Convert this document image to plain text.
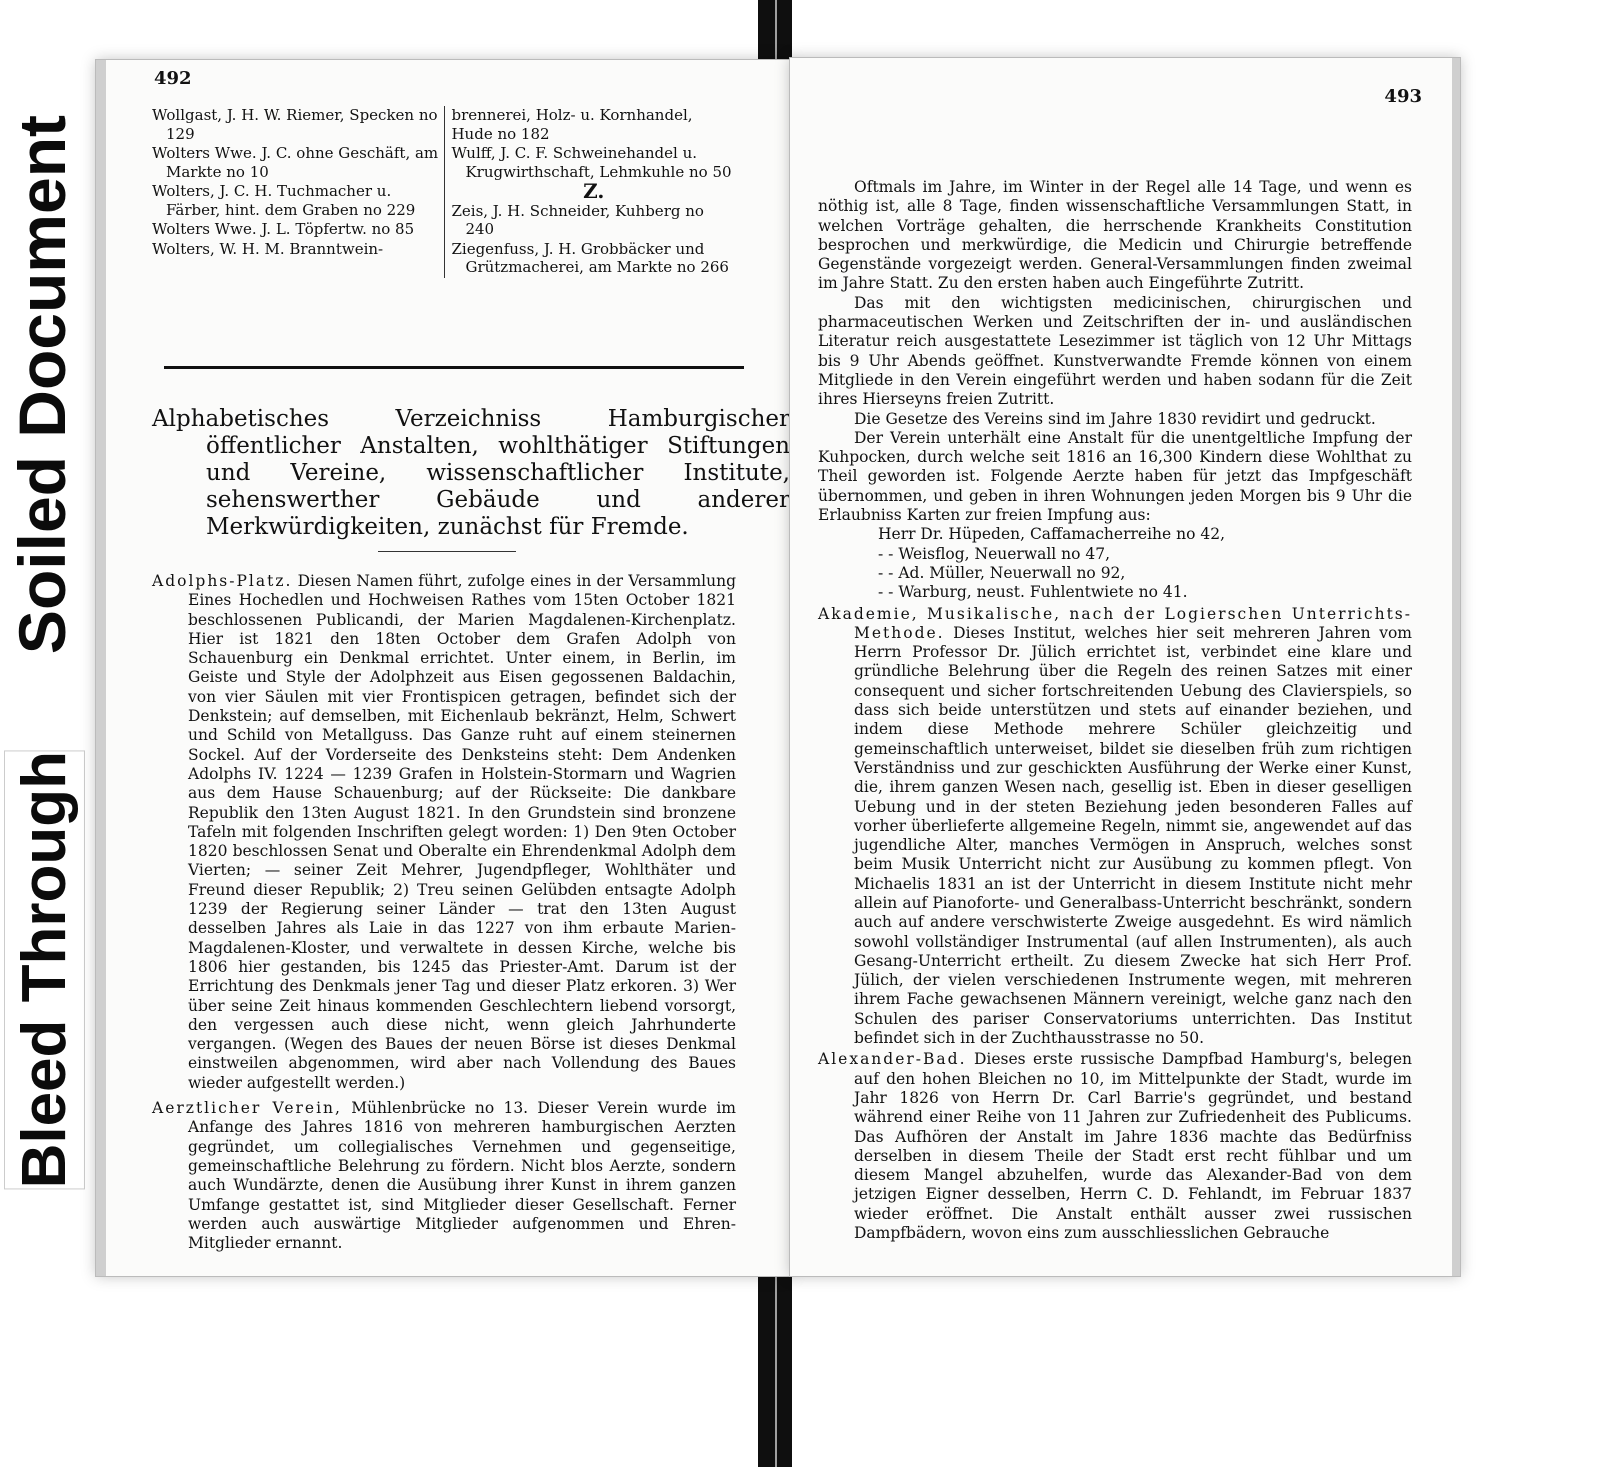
Soiled Document
Bleed Through
492
Wollgast, J. H. W. Riemer, Specken no 129
Wolters Wwe. J. C. ohne Geschäft, am Markte no 10
Wolters, J. C. H. Tuchmacher u. Färber, hint. dem Graben no 229
Wolters Wwe. J. L. Töpfertw. no 85
Wolters, W. H. M. Branntwein-
brennerei, Holz- u. Kornhandel, Hude no 182
Wulff, J. C. F. Schweinehandel u. Krugwirthschaft, Lehmkuhle no 50
Z.
Zeis, J. H. Schneider, Kuhberg no 240
Ziegenfuss, J. H. Grobbäcker und Grützmacherei, am Markte no 266
Alphabetisches Verzeichniss Hamburgischer öffentlicher Anstalten, wohlthätiger Stiftungen und Vereine, wissenschaftlicher Institute, sehenswerther Gebäude und anderer Merkwürdigkeiten, zunächst für Fremde.

Adolphs-Platz. Diesen Namen führt, zufolge eines in der Versammlung Eines Hochedlen und Hochweisen Rathes vom 15ten October 1821 beschlossenen Publicandi, der Marien Magdalenen-Kirchenplatz. Hier ist 1821 den 18ten October dem Grafen Adolph von Schauenburg ein Denkmal errichtet. Unter einem, in Berlin, im Geiste und Style der Adolphzeit aus Eisen gegossenen Baldachin, von vier Säulen mit vier Frontispicen getragen, befindet sich der Denkstein; auf demselben, mit Eichenlaub bekränzt, Helm, Schwert und Schild von Metallguss. Das Ganze ruht auf einem steinernen Sockel. Auf der Vorderseite des Denksteins steht: Dem Andenken Adolphs IV. 1224 — 1239 Grafen in Holstein-Stormarn und Wagrien aus dem Hause Schauenburg; auf der Rückseite: Die dankbare Republik den 13ten August 1821. In den Grundstein sind bronzene Tafeln mit folgenden Inschriften gelegt worden: 1) Den 9ten October 1820 beschlossen Senat und Oberalte ein Ehrendenkmal Adolph dem Vierten; — seiner Zeit Mehrer, Jugendpfleger, Wohlthäter und Freund dieser Republik; 2) Treu seinen Gelübden entsagte Adolph 1239 der Regierung seiner Länder — trat den 13ten August desselben Jahres als Laie in das 1227 von ihm erbaute Marien-Magdalenen-Kloster, und verwaltete in dessen Kirche, welche bis 1806 hier gestanden, bis 1245 das Priester-Amt. Darum ist der Errichtung des Denkmals jener Tag und dieser Platz erkoren. 3) Wer über seine Zeit hinaus kommenden Geschlechtern liebend vorsorgt, den vergessen auch diese nicht, wenn gleich Jahrhunderte vergangen. (Wegen des Baues der neuen Börse ist dieses Denkmal einstweilen abgenommen, wird aber nach Vollendung des Baues wieder aufgestellt werden.)

Aerztlicher Verein, Mühlenbrücke no 13. Dieser Verein wurde im Anfange des Jahres 1816 von mehreren hamburgischen Aerzten gegründet, um collegialisches Vernehmen und gegenseitige, gemeinschaftliche Belehrung zu fördern. Nicht blos Aerzte, sondern auch Wundärzte, denen die Ausübung ihrer Kunst in ihrem ganzen Umfange gestattet ist, sind Mitglieder dieser Gesellschaft. Ferner werden auch auswärtige Mitglieder aufgenommen und Ehren-Mitglieder ernannt.

493

Oftmals im Jahre, im Winter in der Regel alle 14 Tage, und wenn es nöthig ist, alle 8 Tage, finden wissenschaftliche Versammlungen Statt, in welchen Vorträge gehalten, die herrschende Krankheits Constitution besprochen und merkwürdige, die Medicin und Chirurgie betreffende Gegenstände vorgezeigt werden. General-Versammlungen finden zweimal im Jahre Statt. Zu den ersten haben auch Eingeführte Zutritt.

Das mit den wichtigsten medicinischen, chirurgischen und pharmaceutischen Werken und Zeitschriften der in- und ausländischen Literatur reich ausgestattete Lesezimmer ist täglich von 12 Uhr Mittags bis 9 Uhr Abends geöffnet. Kunstverwandte Fremde können von einem Mitgliede in den Verein eingeführt werden und haben sodann für die Zeit ihres Hierseyns freien Zutritt.

Die Gesetze des Vereins sind im Jahre 1830 revidirt und gedruckt.

Der Verein unterhält eine Anstalt für die unentgeltliche Impfung der Kuhpocken, durch welche seit 1816 an 16,300 Kindern diese Wohlthat zu Theil geworden ist. Folgende Aerzte haben für jetzt das Impfgeschäft übernommen, und geben in ihren Wohnungen jeden Morgen bis 9 Uhr die Erlaubniss Karten zur freien Impfung aus:

Herr Dr. Hüpeden, Caffamacherreihe no 42,
- - Weisflog, Neuerwall no 47,
- - Ad. Müller, Neuerwall no 92,
- - Warburg, neust. Fuhlentwiete no 41.

Akademie, Musikalische, nach der Logierschen Unterrichts-Methode. Dieses Institut, welches hier seit mehreren Jahren vom Herrn Professor Dr. Jülich errichtet ist, verbindet eine klare und gründliche Belehrung über die Regeln des reinen Satzes mit einer consequent und sicher fortschreitenden Uebung des Clavierspiels, so dass sich beide unterstützen und stets auf einander beziehen, und indem diese Methode mehrere Schüler gleichzeitig und gemeinschaftlich unterweiset, bildet sie dieselben früh zum richtigen Verständniss und zur geschickten Ausführung der Werke einer Kunst, die, ihrem ganzen Wesen nach, gesellig ist. Eben in dieser geselligen Uebung und in der steten Beziehung jeden besonderen Falles auf vorher überlieferte allgemeine Regeln, nimmt sie, angewendet auf das jugendliche Alter, manches Vermögen in Anspruch, welches sonst beim Musik Unterricht nicht zur Ausübung zu kommen pflegt. Von Michaelis 1831 an ist der Unterricht in diesem Institute nicht mehr allein auf Pianoforte- und Generalbass-Unterricht beschränkt, sondern auch auf andere verschwisterte Zweige ausgedehnt. Es wird nämlich sowohl vollständiger Instrumental (auf allen Instrumenten), als auch Gesang-Unterricht ertheilt. Zu diesem Zwecke hat sich Herr Prof. Jülich, der vielen verschiedenen Instrumente wegen, mit mehreren ihrem Fache gewachsenen Männern vereinigt, welche ganz nach den Schulen des pariser Conservatoriums unterrichten. Das Institut befindet sich in der Zuchthausstrasse no 50.

Alexander-Bad. Dieses erste russische Dampfbad Hamburg's, belegen auf den hohen Bleichen no 10, im Mittelpunkte der Stadt, wurde im Jahr 1826 von Herrn Dr. Carl Barrie's gegründet, und bestand während einer Reihe von 11 Jahren zur Zufriedenheit des Publicums. Das Aufhören der Anstalt im Jahre 1836 machte das Bedürfniss derselben in diesem Theile der Stadt erst recht fühlbar und um diesem Mangel abzuhelfen, wurde das Alexander-Bad von dem jetzigen Eigner desselben, Herrn C. D. Fehlandt, im Februar 1837 wieder eröffnet. Die Anstalt enthält ausser zwei russischen Dampfbädern, wovon eins zum ausschliesslichen Gebrauche
